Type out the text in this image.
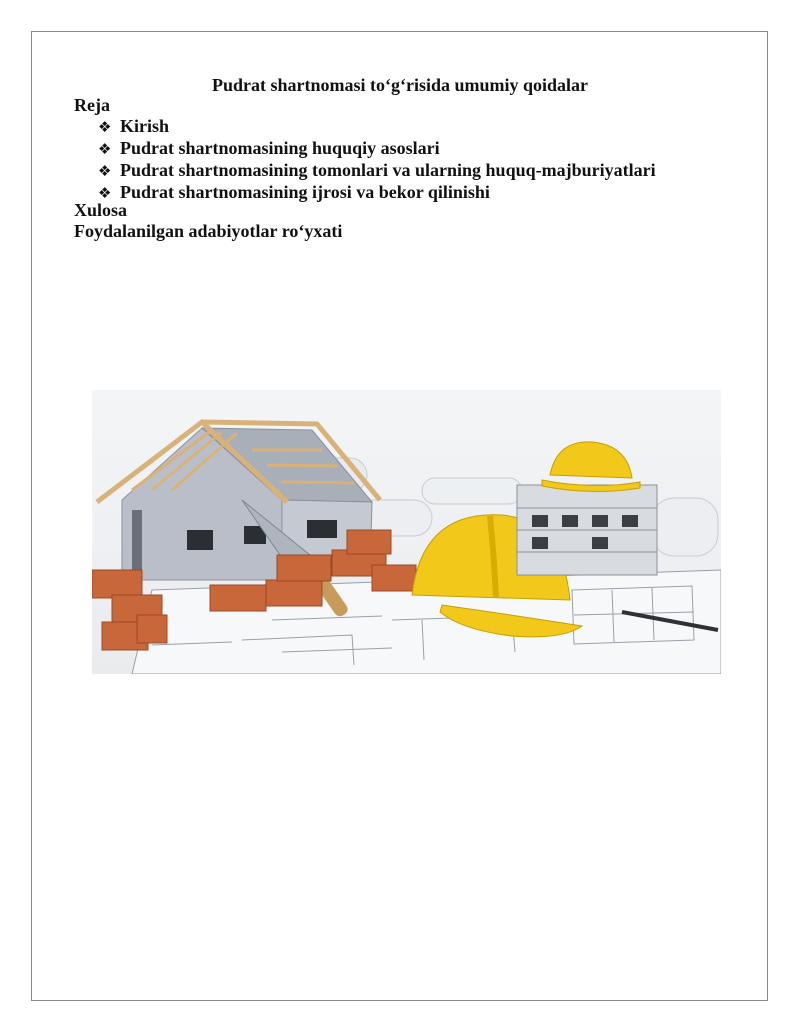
Pudrat shartnomasi to‘g‘risida umumiy qoidalar
Reja
❖ Kirish
❖ Pudrat shartnomasining huquqiy asoslari
❖ Pudrat shartnomasining tomonlari va ularning huquq-majburiyatlari
❖ Pudrat shartnomasining ijrosi va bekor qilinishi
Xulosa
Foydalanilgan adabiyotlar ro‘yxati
